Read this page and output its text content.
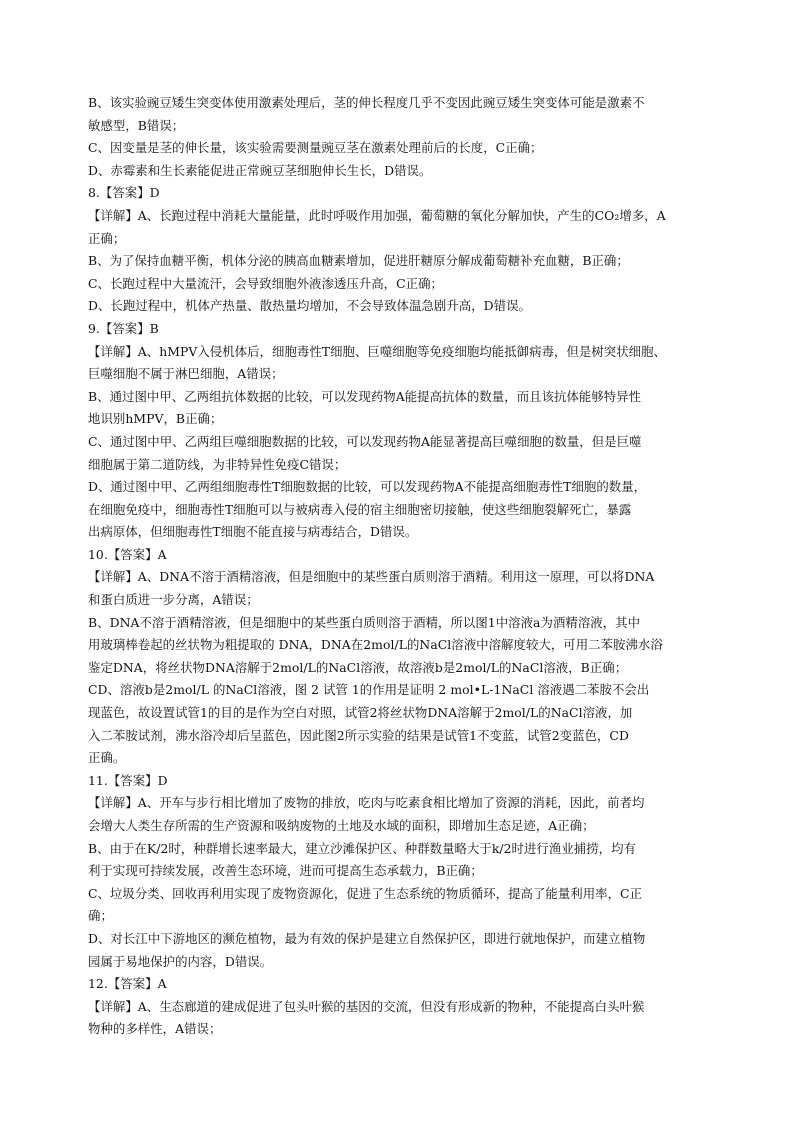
B、该实验豌豆矮生突变体使用激素处理后，茎的伸长程度几乎不变因此豌豆矮生突变体可能是激素不
敏感型，B错误；
C、因变量是茎的伸长量，该实验需要测量豌豆茎在激素处理前后的长度，C正确；
D、赤霉素和生长素能促进正常豌豆茎细胞伸长生长，D错误。
8.【答案】D
【详解】A、长跑过程中消耗大量能量，此时呼吸作用加强，葡萄糖的氧化分解加快，产生的CO₂增多，A
正确；
B、为了保持血糖平衡，机体分泌的胰高血糖素增加，促进肝糖原分解成葡萄糖补充血糖，B正确；
C、长跑过程中大量流汗，会导致细胞外液渗透压升高，C正确；
D、长跑过程中，机体产热量、散热量均增加，不会导致体温急剧升高，D错误。
9.【答案】B
【详解】A、hMPV入侵机体后，细胞毒性T细胞、巨噬细胞等免疫细胞均能抵御病毒，但是树突状细胞、
巨噬细胞不属于淋巴细胞，A错误；
B、通过图中甲、乙两组抗体数据的比较，可以发现药物A能提高抗体的数量，而且该抗体能够特异性
地识别hMPV，B正确；
C、通过图中甲、乙两组巨噬细胞数据的比较，可以发现药物A能显著提高巨噬细胞的数量，但是巨噬
细胞属于第二道防线，为非特异性免疫C错误；
D、通过图中甲、乙两组细胞毒性T细胞数据的比较，可以发现药物A不能提高细胞毒性T细胞的数量，
在细胞免疫中，细胞毒性T细胞可以与被病毒入侵的宿主细胞密切接触，使这些细胞裂解死亡，暴露
出病原体，但细胞毒性T细胞不能直接与病毒结合，D错误。
10.【答案】A
【详解】A、DNA不溶于酒精溶液，但是细胞中的某些蛋白质则溶于酒精。利用这一原理，可以将DNA
和蛋白质进一步分离，A错误；
B、DNA不溶于酒精溶液，但是细胞中的某些蛋白质则溶于酒精，所以图1中溶液a为酒精溶液，其中
用玻璃棒卷起的丝状物为粗提取的 DNA，DNA在2mol/L的NaCl溶液中溶解度较大，可用二苯胺沸水浴
鉴定DNA，将丝状物DNA溶解于2mol/L的NaCl溶液，故溶液b是2mol/L的NaCl溶液，B正确；
CD、溶液b是2mol/L 的NaCl溶液，图 2 试管 1的作用是证明 2 mol•L-1NaCl 溶液遇二苯胺不会出
现蓝色，故设置试管1的目的是作为空白对照，试管2将丝状物DNA溶解于2mol/L的NaCl溶液，加
入二苯胺试剂，沸水浴冷却后呈蓝色，因此图2所示实验的结果是试管1不变蓝，试管2变蓝色，CD
正确。
11.【答案】D
【详解】A、开车与步行相比增加了废物的排放，吃肉与吃素食相比增加了资源的消耗，因此，前者均
会增大人类生存所需的生产资源和吸纳废物的土地及水域的面积，即增加生态足迹，A正确；
B、由于在K/2时，种群增长速率最大，建立沙滩保护区、种群数量略大于k/2时进行渔业捕捞，均有
利于实现可持续发展，改善生态环境，进而可提高生态承载力，B正确；
C、垃圾分类、回收再利用实现了废物资源化，促进了生态系统的物质循环，提高了能量利用率，C正
确；
D、对长江中下游地区的濒危植物，最为有效的保护是建立自然保护区，即进行就地保护，而建立植物
园属于易地保护的内容，D错误。
12.【答案】A
【详解】A、生态廊道的建成促进了包头叶猴的基因的交流，但没有形成新的物种，不能提高白头叶猴
物种的多样性，A错误；
